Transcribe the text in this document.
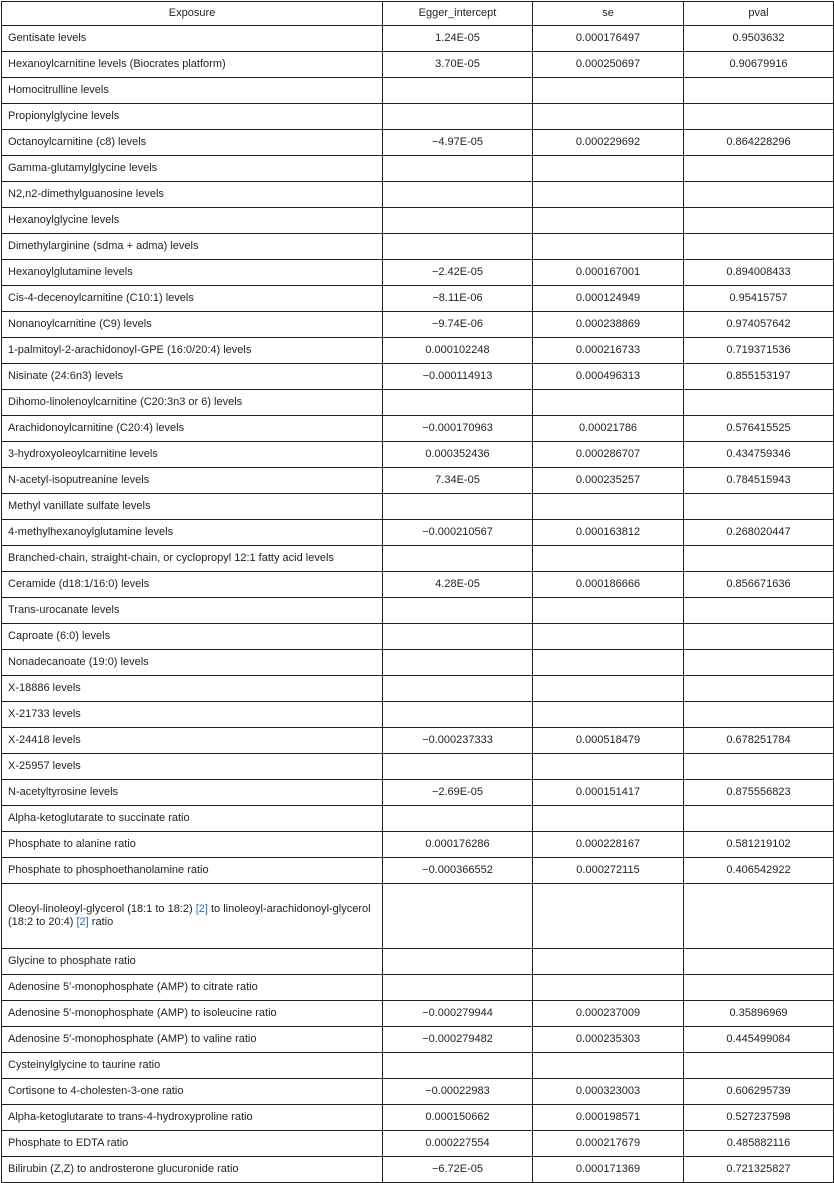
Exposure	Egger_intercept	se	pval
Gentisate levels	1.24E-05	0.000176497	0.9503632
Hexanoylcarnitine levels (Biocrates platform)	3.70E-05	0.000250697	0.90679916
Homocitrulline levels			
Propionylglycine levels			
Octanoylcarnitine (c8) levels	−4.97E-05	0.000229692	0.864228296
Gamma-glutamylglycine levels			
N2,n2-dimethylguanosine levels			
Hexanoylglycine levels			
Dimethylarginine (sdma + adma) levels			
Hexanoylglutamine levels	−2.42E-05	0.000167001	0.894008433
Cis-4-decenoylcarnitine (C10:1) levels	−8.11E-06	0.000124949	0.95415757
Nonanoylcarnitine (C9) levels	−9.74E-06	0.000238869	0.974057642
1-palmitoyl-2-arachidonoyl-GPE (16:0/20:4) levels	0.000102248	0.000216733	0.719371536
Nisinate (24:6n3) levels	−0.000114913	0.000496313	0.855153197
Dihomo-linolenoylcarnitine (C20:3n3 or 6) levels			
Arachidonoylcarnitine (C20:4) levels	−0.000170963	0.00021786	0.576415525
3-hydroxyoleoylcarnitine levels	0.000352436	0.000286707	0.434759346
N-acetyl-isoputreanine levels	7.34E-05	0.000235257	0.784515943
Methyl vanillate sulfate levels			
4-methylhexanoylglutamine levels	−0.000210567	0.000163812	0.268020447
Branched-chain, straight-chain, or cyclopropyl 12:1 fatty acid levels			
Ceramide (d18:1/16:0) levels	4.28E-05	0.000186666	0.856671636
Trans-urocanate levels			
Caproate (6:0) levels			
Nonadecanoate (19:0) levels			
X-18886 levels			
X-21733 levels			
X-24418 levels	−0.000237333	0.000518479	0.678251784
X-25957 levels			
N-acetyltyrosine levels	−2.69E-05	0.000151417	0.875556823
Alpha-ketoglutarate to succinate ratio			
Phosphate to alanine ratio	0.000176286	0.000228167	0.581219102
Phosphate to phosphoethanolamine ratio	−0.000366552	0.000272115	0.406542922
Oleoyl-linoleoyl-glycerol (18:1 to 18:2) [2] to linoleoyl-arachidonoyl-glycerol
(18:2 to 20:4) [2] ratio			
Glycine to phosphate ratio			
Adenosine 5′-monophosphate (AMP) to citrate ratio			
Adenosine 5′-monophosphate (AMP) to isoleucine ratio	−0.000279944	0.000237009	0.35896969
Adenosine 5′-monophosphate (AMP) to valine ratio	−0.000279482	0.000235303	0.445499084
Cysteinylglycine to taurine ratio			
Cortisone to 4-cholesten-3-one ratio	−0.00022983	0.000323003	0.606295739
Alpha-ketoglutarate to trans-4-hydroxyproline ratio	0.000150662	0.000198571	0.527237598
Phosphate to EDTA ratio	0.000227554	0.000217679	0.485882116
Bilirubin (Z,Z) to androsterone glucuronide ratio	−6.72E-05	0.000171369	0.721325827
